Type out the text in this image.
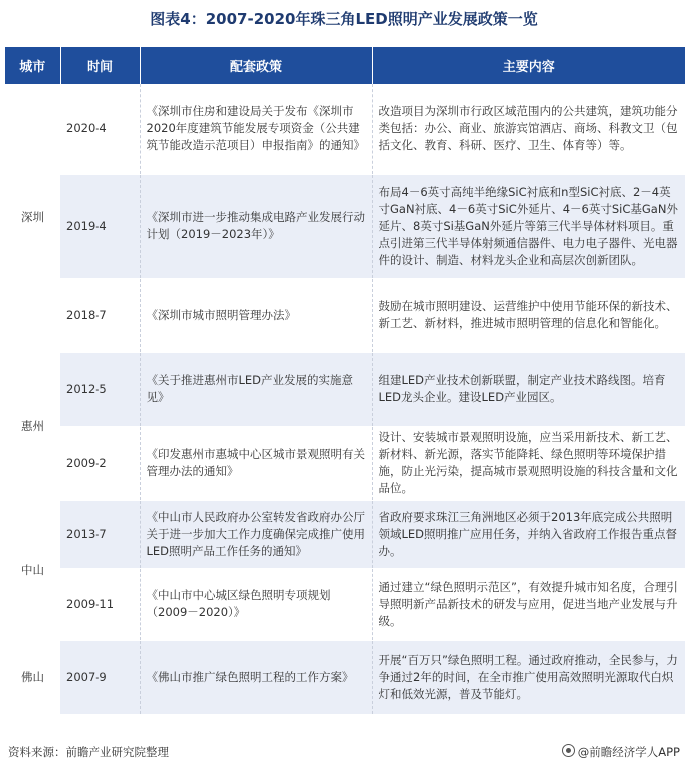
图表4：2007-2020年珠三角LED照明产业发展政策一览
城市	时间	配套政策	主要内容
深圳	2020-4	《深圳市住房和建设局关于发布《深圳市2020年度建筑节能发展专项资金（公共建筑节能改造示范项目）申报指南》的通知》	改造项目为深圳市行政区域范围内的公共建筑，建筑功能分类包括：办公、商业、旅游宾馆酒店、商场、科教文卫（包括文化、教育、科研、医疗、卫生、体育等）等。
	2019-4	《深圳市进一步推动集成电路产业发展行动计划（2019－2023年）》	布局4－6英寸高纯半绝缘SiC衬底和n型SiC衬底、2－4英寸GaN衬底、4－6英寸SiC外延片、4－6英寸SiC基GaN外延片、8英寸Si基GaN外延片等第三代半导体材料项目。重点引进第三代半导体射频通信器件、电力电子器件、光电器件的设计、制造、材料龙头企业和高层次创新团队。
	2018-7	《深圳市城市照明管理办法》	鼓励在城市照明建设、运营维护中使用节能环保的新技术、新工艺、新材料，推进城市照明管理的信息化和智能化。
惠州	2012-5	《关于推进惠州市LED产业发展的实施意见》	组建LED产业技术创新联盟，制定产业技术路线图。培育LED龙头企业。建设LED产业园区。
	2009-2	《印发惠州市惠城中心区城市景观照明有关管理办法的通知》	设计、安装城市景观照明设施，应当采用新技术、新工艺、新材料、新光源，落实节能降耗、绿色照明等环境保护措施，防止光污染，提高城市景观照明设施的科技含量和文化品位。
中山	2013-7	《中山市人民政府办公室转发省政府办公厅关于进一步加大工作力度确保完成推广使用LED照明产品工作任务的通知》	省政府要求珠江三角洲地区必须于2013年底完成公共照明领域LED照明推广应用任务，并纳入省政府工作报告重点督办。
	2009-11	《中山市中心城区绿色照明专项规划（2009－2020）》	通过建立“绿色照明示范区”，有效提升城市知名度，合理引导照明新产品新技术的研发与应用，促进当地产业发展与升级。
佛山	2007-9	《佛山市推广绿色照明工程的工作方案》	开展“百万只”绿色照明工程。通过政府推动，全民参与，力争通过2年的时间，在全市推广使用高效照明光源取代白炽灯和低效光源，普及节能灯。
资料来源：前瞻产业研究院整理	@前瞻经济学人APP
